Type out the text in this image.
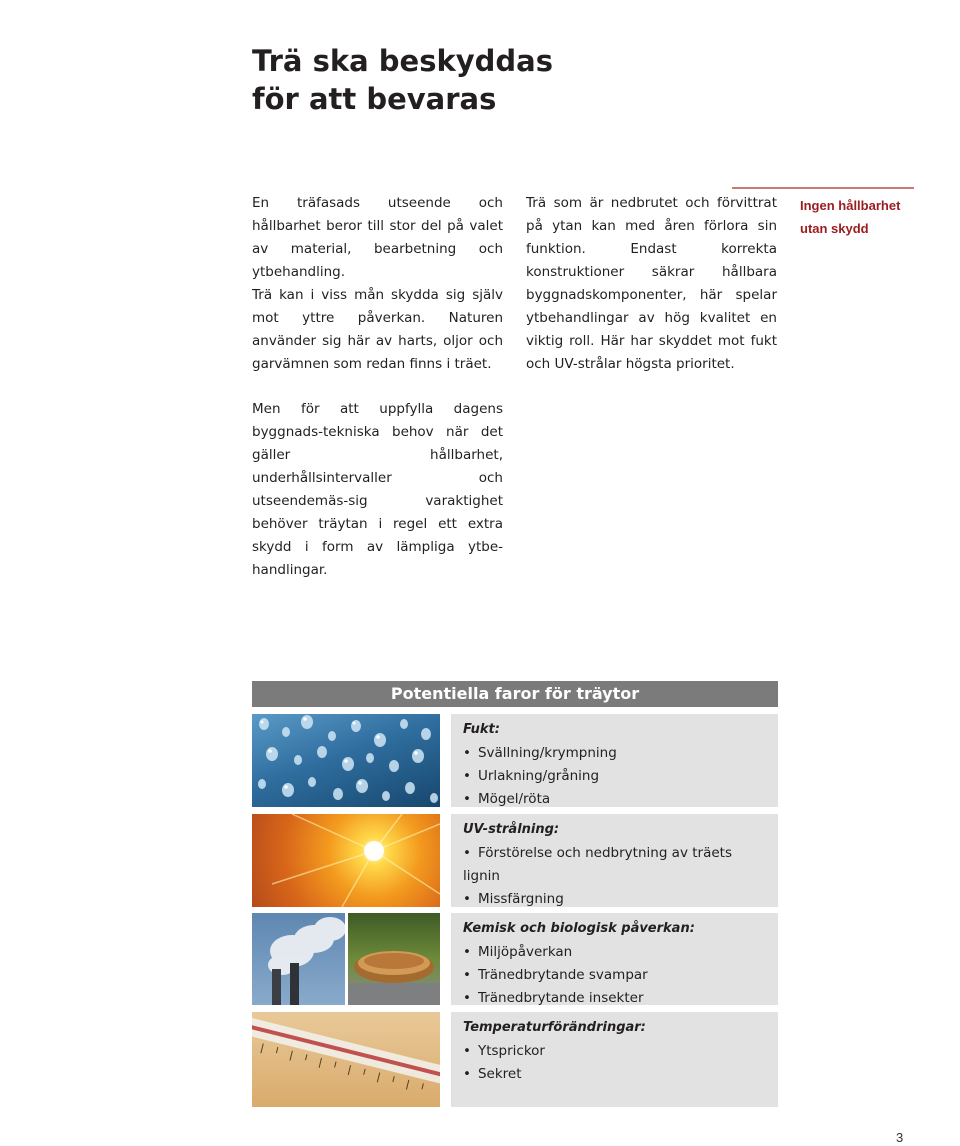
Trä ska beskyddas
för att bevaras

En träfasads utseende och hållbarhet beror till stor del på valet av material, bearbetning och ytbehandling.

Trä kan i viss mån skydda sig själv mot yttre påverkan. Naturen använder sig här av harts, oljor och garvämnen som redan finns i träet.

Men för att uppfylla dagens byggnads-tekniska behov när det gäller hållbarhet, underhållsintervaller och utseendemäs-sig varaktighet behöver träytan i regel ett extra skydd i form av lämpliga ytbe-handlingar.

Trä som är nedbrutet och förvittrat på ytan kan med åren förlora sin funktion. Endast korrekta konstruktioner säkrar hållbara byggnadskomponenter, här spelar ytbehandlingar av hög kvalitet en viktig roll. Här har skyddet mot fukt och UV-strålar högsta prioritet.

Ingen hållbarhet
utan skydd
Potentiella faror för träytor
Fukt:
• Svällning/krympning
• Urlakning/gråning
• Mögel/röta
UV-strålning:
• Förstörelse och nedbrytning av träets lignin
• Missfärgning
Kemisk och biologisk påverkan:
• Miljöpåverkan
• Tränedbrytande svampar
• Tränedbrytande insekter
Temperaturförändringar:
• Ytsprickor
• Sekret
3
